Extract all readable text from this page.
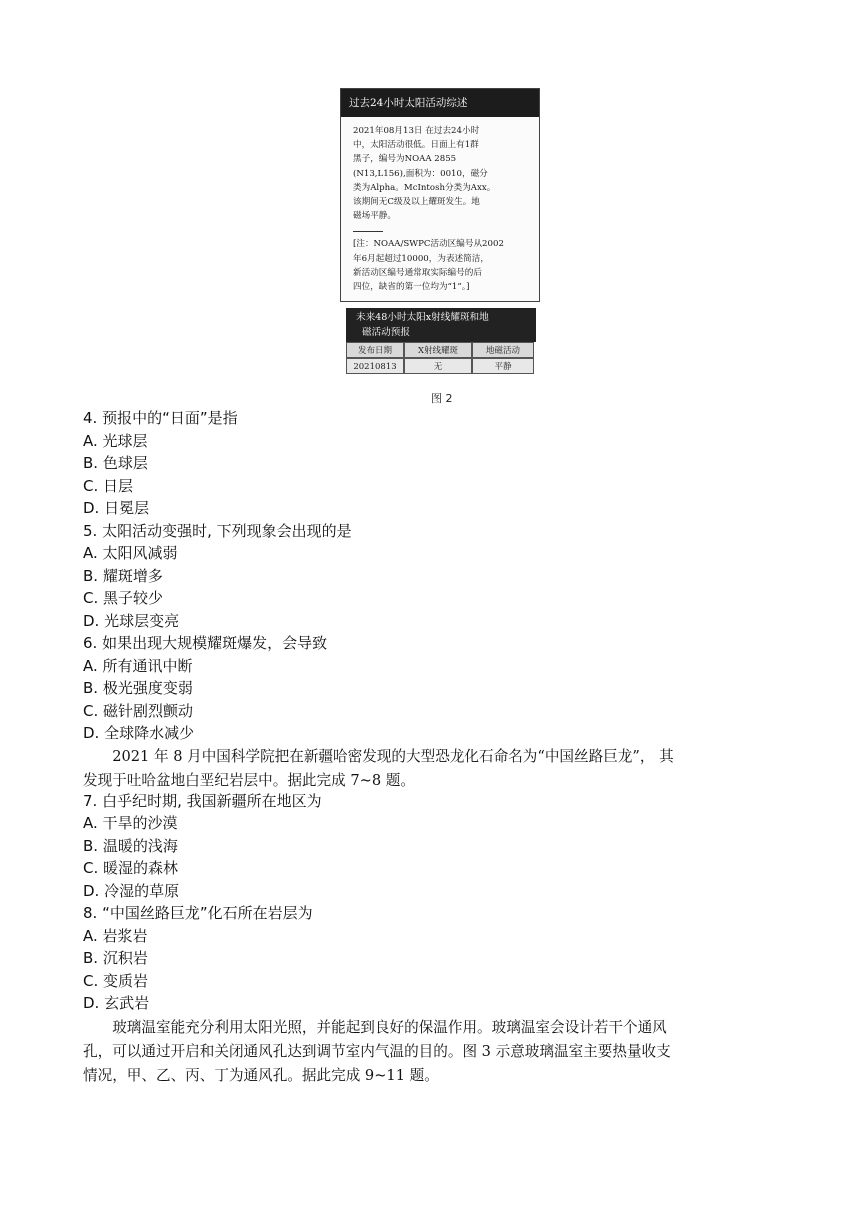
过去24小时太阳活动综述

2021年08月13日 在过去24小时

中，太阳活动很低。日面上有1群

黑子，编号为NOAA 2855

(N13,L156),面积为：0010，磁分

类为Alpha。McIntosh分类为Axx。

该期间无C级及以上耀斑发生。地

磁场平静。

[注：NOAA/SWPC活动区编号从2002

年6月起超过10000，为表述简洁，

新活动区编号通常取实际编号的后

四位，缺省的第一位均为“1”。]

未来48小时太阳x射线耀斑和地
磁活动预报
发布日期	X射线耀斑	地磁活动
20210813	无	平静
图 2
4. 预报中的“日面”是指
A. 光球层
B. 色球层
C. 日层
D. 日冕层
5. 太阳活动变强时, 下列现象会出现的是
A. 太阳风减弱
B. 耀斑增多
C. 黑子较少
D. 光球层变亮
6. 如果出现大规模耀斑爆发，会导致
A. 所有通讯中断
B. 极光强度变弱
C. 磁针剧烈颤动
D. 全球降水减少
　　2021 年 8 月中国科学院把在新疆哈密发现的大型恐龙化石命名为“中国丝路巨龙”， 其
发现于吐哈盆地白垩纪岩层中。据此完成 7~8 题。
7. 白乎纪时期, 我国新疆所在地区为
A. 干旱的沙漠
B. 温暖的浅海
C. 暖湿的森林
D. 冷湿的草原
8. “中国丝路巨龙”化石所在岩层为
A. 岩浆岩
B. 沉积岩
C. 变质岩
D. 玄武岩
　　玻璃温室能充分利用太阳光照，并能起到良好的保温作用。玻璃温室会设计若干个通风
孔，可以通过开启和关闭通风孔达到调节室内气温的目的。图 3 示意玻璃温室主要热量收支
情况，甲、乙、丙、丁为通风孔。据此完成 9~11 题。
